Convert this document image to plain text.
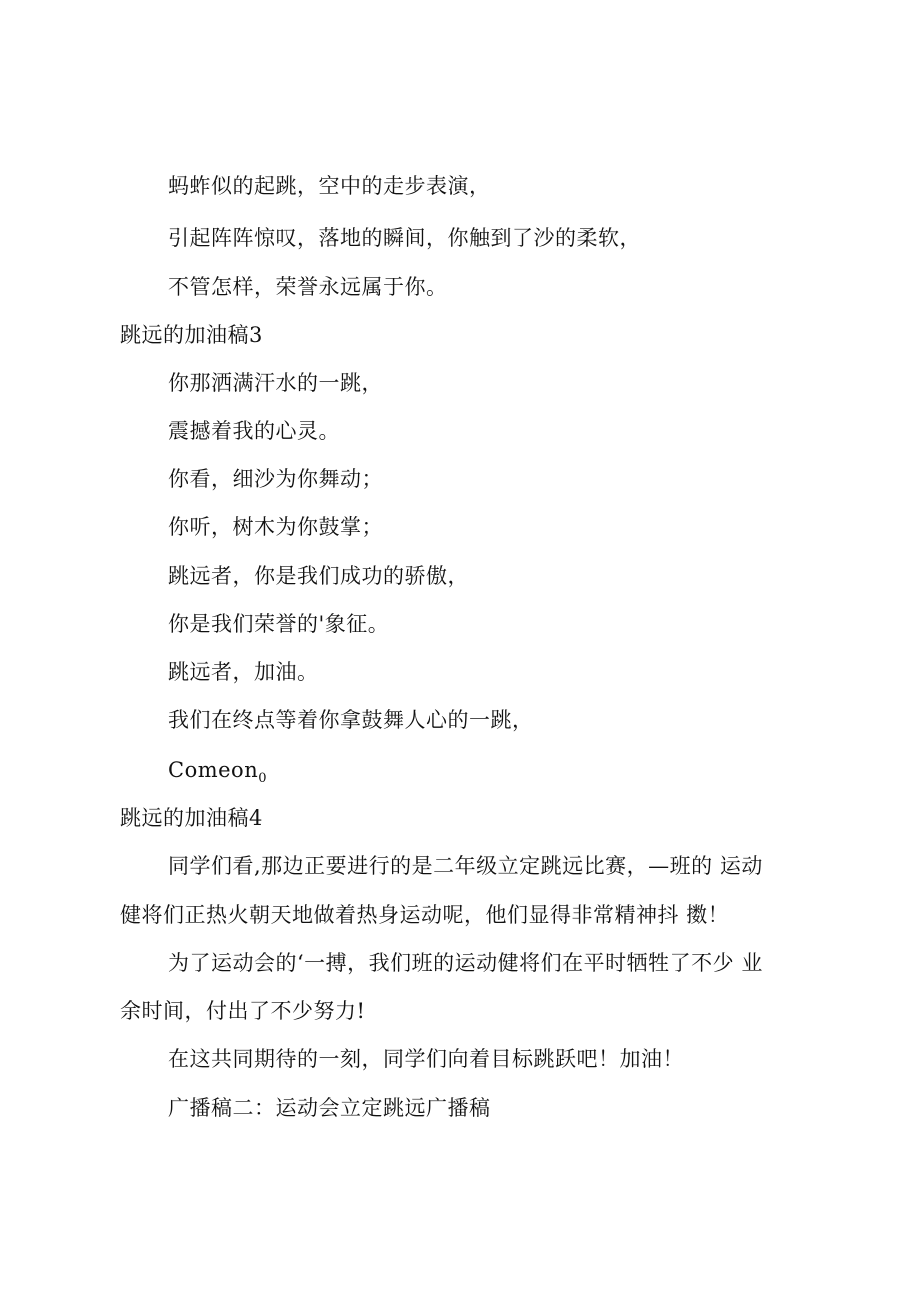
蚂蚱似的起跳，空中的走步表演，
引起阵阵惊叹，落地的瞬间，你触到了沙的柔软，
不管怎样，荣誉永远属于你。
跳远的加油稿3
你那洒满汗水的一跳，
震撼着我的心灵。
你看，细沙为你舞动；
你听，树木为你鼓掌；
跳远者，你是我们成功的骄傲，
你是我们荣誉的'象征。
跳远者，加油。
我们在终点等着你拿鼓舞人心的一跳，
Comeon$_0$
跳远的加油稿4
同学们看,那边正要进行的是二年级立定跳远比赛，—班的 运动
健将们正热火朝天地做着热身运动呢，他们显得非常精神抖 擞！
为了运动会的‘一搏，我们班的运动健将们在平时牺牲了不少 业
余时间，付出了不少努力!
在这共同期待的一刻，同学们向着目标跳跃吧！加油！
广播稿二：运动会立定跳远广播稿
